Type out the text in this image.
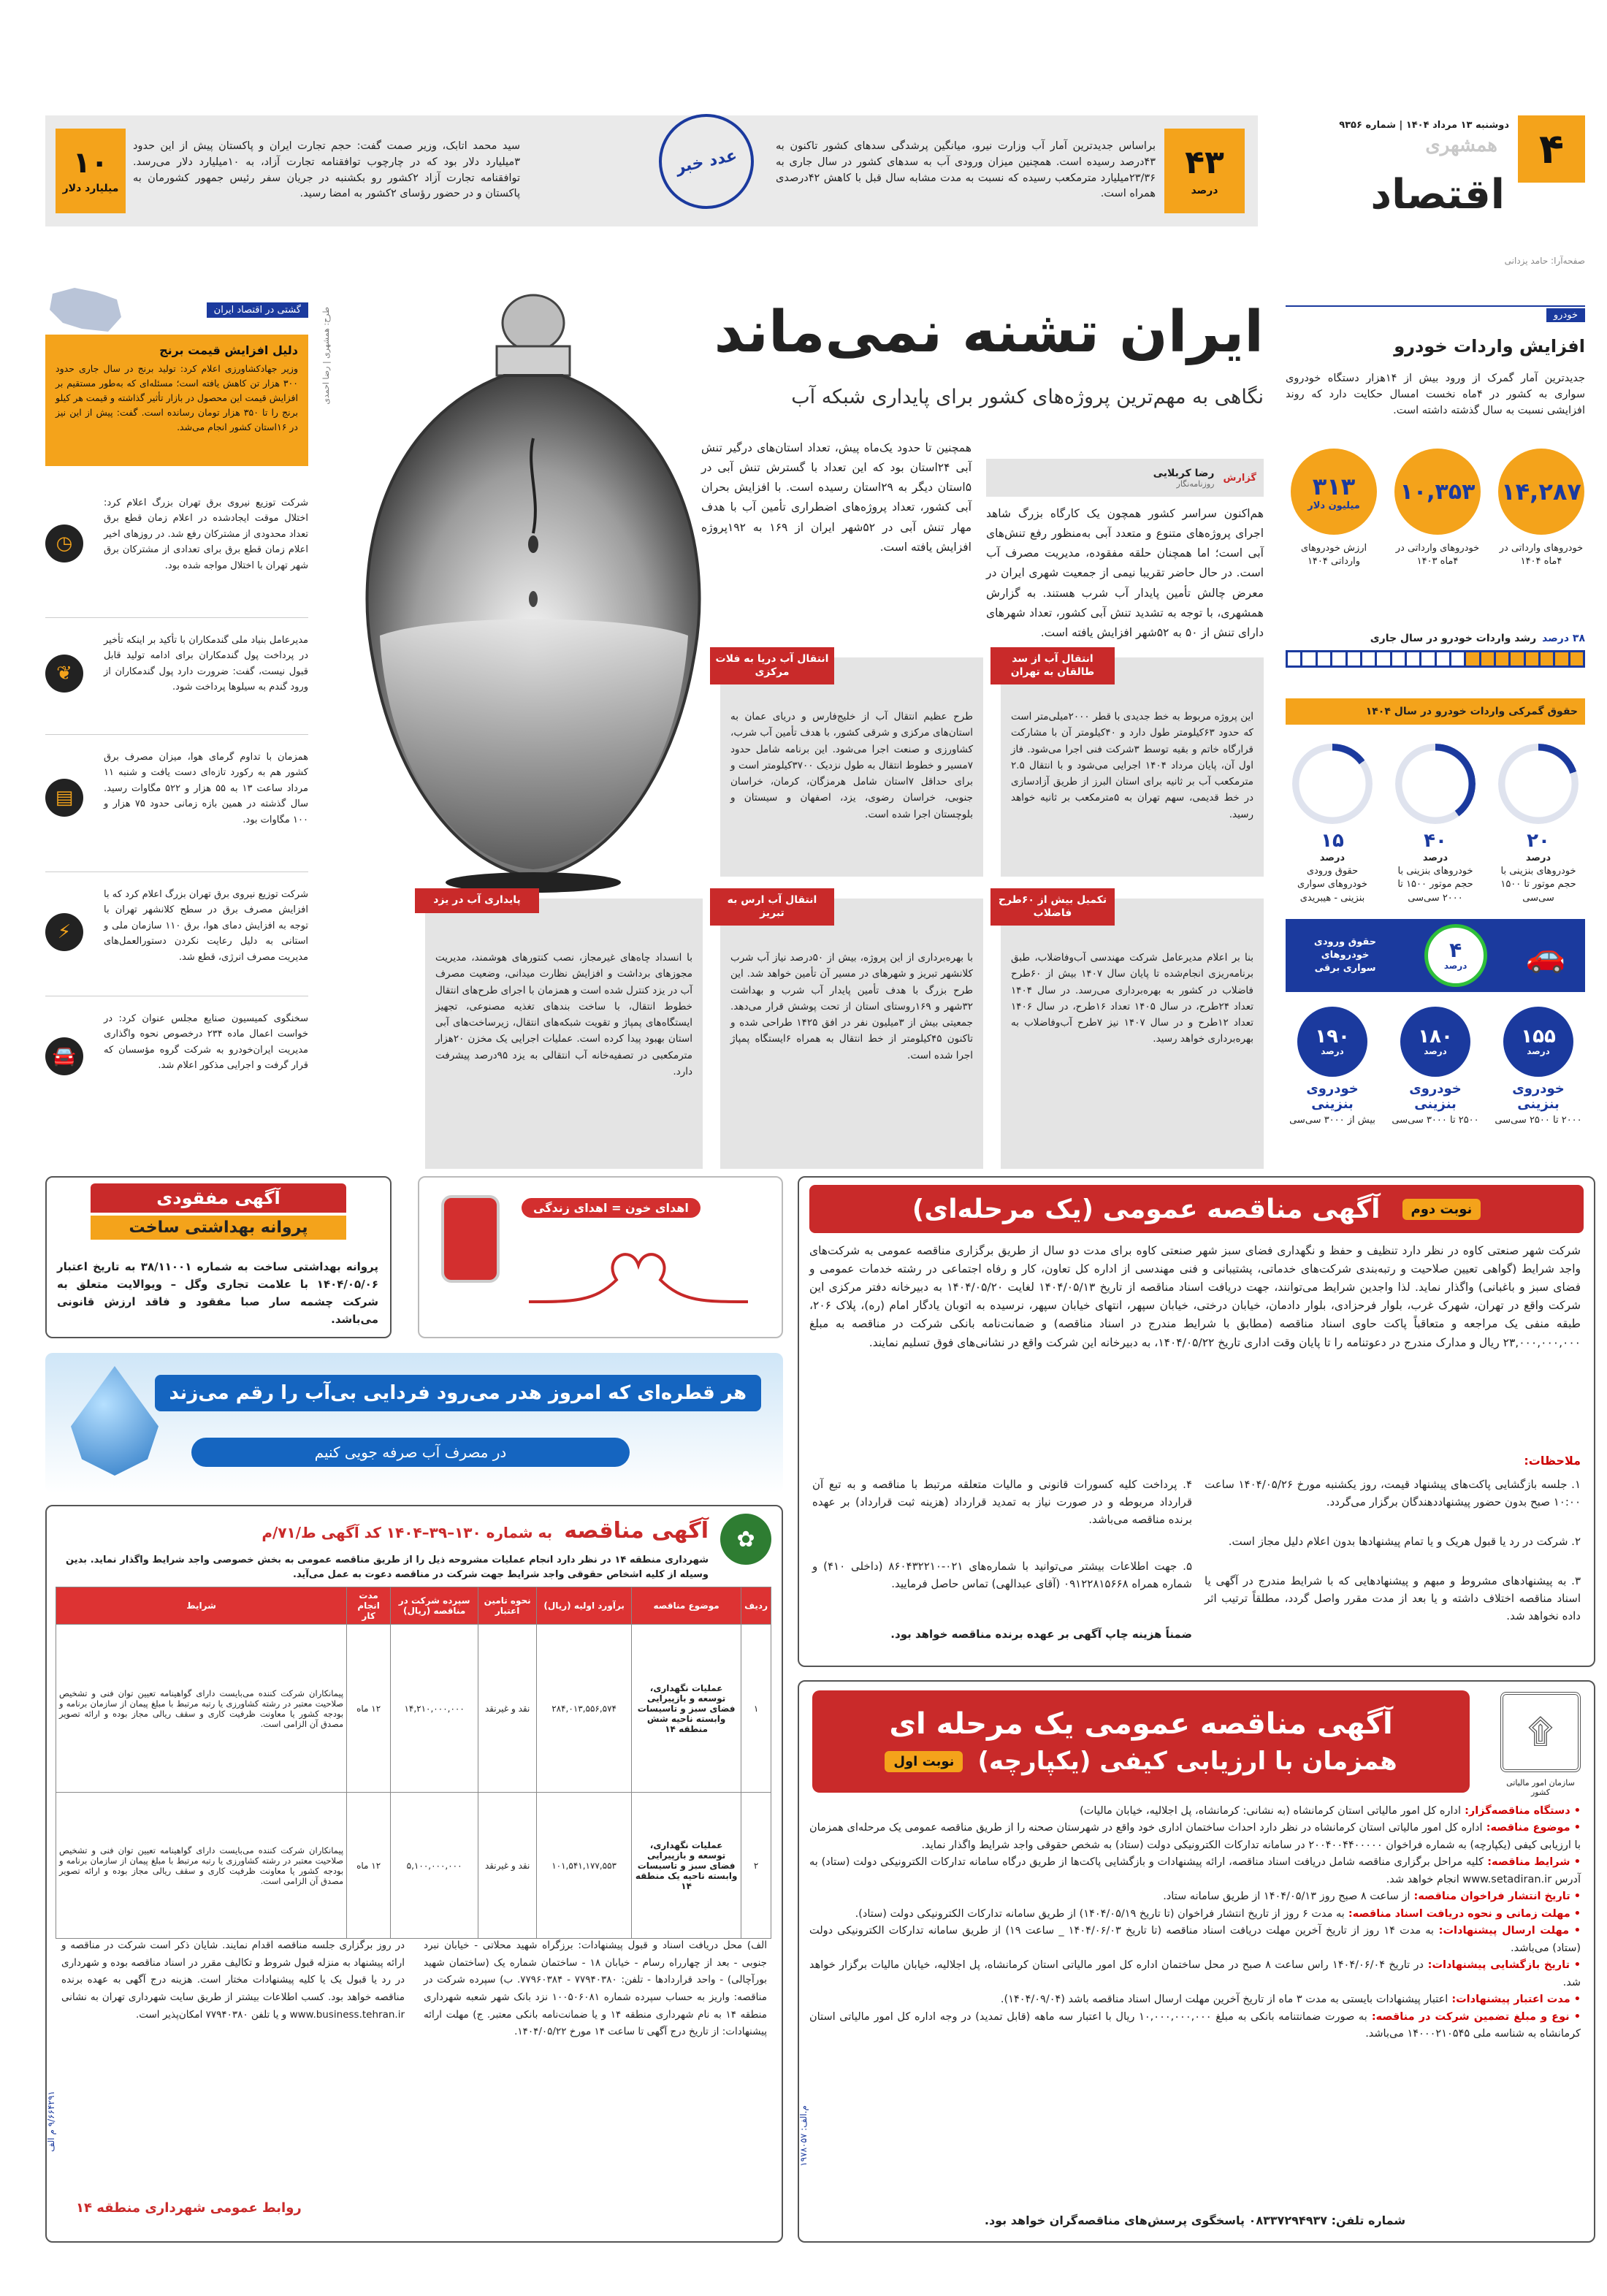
۴
دوشنبه ۱۳ مرداد ۱۴۰۴ | شماره ۹۳۵۶
همشهری
اقتصاد
صفحه‌آرا: حامد یزدانی
۱۰
میلیارد دلار
سید محمد اتابک، وزیر صمت گفت: حجم تجارت ایران و پاکستان پیش از این حدود ۳میلیارد دلار بود که در چارچوب توافقنامه تجارت آزاد، به ۱۰میلیارد دلار می‌رسد. توافقنامه تجارت آزاد ۲کشور رو بکشنبه در جریان سفر رئیس جمهور کشورمان به پاکستان و در حضور رؤسای ۲کشور به امضا رسید.
عدد خبر	براساس جدیدترین آمار آب وزارت نیرو، میانگین پرشدگی سدهای کشور تاکنون به ۴۳درصد رسیده است. همچنین میزان ورودی آب به سدهای کشور در سال جاری به ۲۳/۳۶میلیارد مترمکعب رسیده که نسبت به مدت مشابه سال قبل با کاهش ۴۲درصدی همراه است.
۴۳
درصد
خودرو
افزایش واردات خودرو
جدیدترین آمار گمرک از ورود بیش از ۱۴هزار دستگاه خودروی سواری به کشور در ۴ماه نخست امسال حکایت دارد که روند افزایشی نسبت به سال گذشته داشته است.
۱۴,۲۸۷
خودروهای وارداتی در ۴ماه ۱۴۰۴
۱۰,۳۵۳
خودروهای وارداتی در ۴ماه ۱۴۰۳
۳۱۳
میلیون دلار
ارزش خودروهای وارداتی ۱۴۰۴
۳۸ درصد
رشد واردات خودرو در سال جاری
حقوق گمرکی واردات خودرو در سال ۱۴۰۴
۲۰
درصد
خودروهای بنزینی با حجم موتور تا ۱۵۰۰ سی‌سی
۴۰
درصد
خودروهای بنزینی با حجم موتور ۱۵۰۰ تا ۲۰۰۰ سی‌سی
۱۵
درصد
حقوق ورودی خودروهای سواری بنزینی - هیبریدی
🚗
۴
درصد
حقوق ورودی خودروهای سواری برقی
۱۵۵
درصد
خودروی بنزینی
۲۰۰۰ تا ۲۵۰۰ سی‌سی
۱۸۰
درصد
خودروی بنزینی
۲۵۰۰ تا ۳۰۰۰ سی‌سی
۱۹۰
درصد
خودروی بنزینی
بیش از ۳۰۰۰ سی‌سی
ایران تشنه نمی‌ماند
نگاهی به مهم‌ترین پروژه‌های کشور برای پایداری شبکه آب
گزارش
رضا کربلایی
روزنامه‌نگار
هم‌اکنون سراسر کشور همچون یک کارگاه بزرگ شاهد اجرای پروژه‌های متنوع و متعدد آبی به‌منظور رفع تنش‌های آبی است؛ اما همچنان حلقه مفقوده، مدیریت مصرف آب است. در حال حاضر تقریبا نیمی از جمعیت شهری ایران در معرض چالش تأمین پایدار آب شرب هستند. به گزارش همشهری، با توجه به تشدید تنش آبی کشور، تعداد شهرهای دارای تنش از ۵۰ به ۵۲شهر افزایش یافته است.
همچنین تا حدود یک‌ماه پیش، تعداد استان‌های درگیر تنش آبی ۲۴استان بود که این تعداد با گسترش تنش آبی در ۵استان دیگر به ۲۹استان رسیده است. با افزایش بحران آبی کشور، تعداد پروژه‌های اضطراری تأمین آب با هدف مهار تنش آبی در ۵۲شهر ایران از ۱۶۹ به ۱۹۲پروژه افزایش یافته است.
طرح: همشهری | رضا احمدی
انتقال آب از سد طالقان به تهران
این پروژه مربوط به خط جدیدی با قطر ۲۰۰۰میلی‌متر است که حدود ۶۳کیلومتر طول دارد و ۴۰کیلومتر آن با مشارکت قرارگاه خاتم و بقیه توسط ۳شرکت فنی اجرا می‌شود. فاز اول آن، پایان مرداد ۱۴۰۴ اجرایی می‌شود و با انتقال ۲.۵ مترمکعب آب بر ثانیه برای استان البرز از طریق آزادسازی در خط قدیمی، سهم تهران به ۵مترمکعب بر ثانیه خواهد رسید.
انتقال آب دریا به فلات مرکزی
طرح عظیم انتقال آب از خلیج‌فارس و دریای عمان به استان‌های مرکزی و شرقی کشور، با هدف تأمین آب شرب، کشاورزی و صنعت اجرا می‌شود. این برنامه شامل حدود ۷مسیر و خطوط انتقال به طول نزدیک ۳۷۰۰کیلومتر است و برای حداقل ۷استان شامل هرمزگان، کرمان، خراسان جنوبی، خراسان رضوی، یزد، اصفهان و سیستان و بلوچستان اجرا شده است.
تکمیل بیش از ۶۰طرح فاضلاب
بنا بر اعلام مدیرعامل شرکت مهندسی آب‌وفاضلاب، طبق برنامه‌ریزی انجام‌شده تا پایان سال ۱۴۰۷ بیش از ۶۰طرح فاضلاب در کشور به بهره‌برداری می‌رسد. در سال ۱۴۰۴ تعداد ۲۴طرح، در سال ۱۴۰۵ تعداد ۱۶طرح، در سال ۱۴۰۶ تعداد ۱۲طرح و در سال ۱۴۰۷ نیز ۷طرح آب‌وفاضلاب به بهره‌برداری خواهد رسید.
انتقال آب ارس به تبریز
با بهره‌برداری از این پروژه، بیش از ۵۰درصد نیاز آب شرب کلانشهر تبریز و شهرهای در مسیر آن تأمین خواهد شد. این طرح بزرگ با هدف تأمین پایدار آب شرب و بهداشت ۳۲شهر و ۱۶۹روستای استان از تحت پوشش قرار می‌دهد. جمعیتی بیش از ۳میلیون نفر در افق ۱۴۲۵ طراحی شده و تاکنون ۴۵کیلومتر از خط انتقال به همراه ۶ایستگاه پمپاژ اجرا شده است.
پایداری آب در یزد
با انسداد چاه‌های غیرمجاز، نصب کنتورهای هوشمند، مدیریت مجوزهای برداشت و افزایش نظارت میدانی، وضعیت مصرف آب در یزد کنترل شده است و همزمان با اجرای طرح‌های انتقال خطوط انتقال، با ساخت بندهای تغذیه مصنوعی، تجهیز ایستگاه‌های پمپاژ و تقویت شبکه‌های انتقال، زیرساخت‌های آبی استان بهبود پیدا کرده است. عملیات اجرایی یک مخزن ۲۰هزار مترمکعبی در تصفیه‌خانه آب انتقالی به یزد ۹۵درصد پیشرفت دارد.
گشتی در اقتصاد ایران
دلیل افزایش قیمت برنج
وزیر جهادکشاورزی اعلام کرد: تولید برنج در سال جاری حدود ۳۰۰ هزار تن کاهش یافته است؛ مسئله‌ای که به‌طور مستقیم بر افزایش قیمت این محصول در بازار تأثیر گذاشته و قیمت هر کیلو برنج را تا ۳۵۰ هزار تومان رسانده است. گفت: پیش از این نیز در ۱۶استان کشور انجام می‌شد.
شرکت توزیع نیروی برق تهران بزرگ اعلام کرد: اختلال موقت ایجادشده در اعلام زمان قطع برق تعداد محدودی از مشترکان رفع شد. در روزهای اخیر اعلام زمان قطع برق برای تعدادی از مشترکان برق شهر تهران با اختلال مواجه شده بود.
◷
مدیرعامل بنیاد ملی گندمکاران با تأکید بر اینکه تأخیر در پرداخت پول گندمکاران برای ادامه تولید قابل قبول نیست، گفت: ضرورت دارد پول گندمکاران از ورود گندم به سیلوها پرداخت شود.
❦
همزمان با تداوم گرمای هوا، میزان مصرف برق کشور هم به رکورد تازه‌ای دست یافت و شنبه ۱۱ مرداد ساعت ۱۳ به ۵۵ هزار و ۵۲۲ مگاوات رسید. سال گذشته در همین بازه زمانی حدود ۷۵ هزار و ۱۰۰ مگاوات بود.
▤
شرکت توزیع نیروی برق تهران بزرگ اعلام کرد که با افزایش مصرف برق در سطح کلانشهر تهران با توجه به افزایش دمای هوا، برق ۱۱۰ سازمان ملی و استانی به دلیل رعایت نکردن دستورالعمل‌های مدیریت مصرف انرژی، قطع شد.
⚡
سخنگوی کمیسیون صنایع مجلس عنوان کرد: در خواست اعمال ماده ۲۳۴ درخصوص نحوه واگذاری مدیریت ایران‌خودرو به شرکت گروه مؤسسان که قرار گرفت و اجرایی مذکور اعلام شد.
🚘
نوبت دوم
آگهی مناقصه عمومی (یک مرحله‌ای)
شرکت شهر صنعتی کاوه در نظر دارد تنظیف و حفظ و نگهداری فضای سبز شهر صنعتی کاوه برای مدت دو سال از طریق برگزاری مناقصه عمومی به شرکت‌های واجد شرایط (گواهی تعیین صلاحیت و رتبه‌بندی شرکت‌های خدماتی، پشتیبانی و فنی مهندسی از اداره کل تعاون، کار و رفاه اجتماعی در رشته خدمات عمومی و فضای سبز و باغبانی) واگذار نماید. لذا واجدین شرایط می‌توانند، جهت دریافت اسناد مناقصه از تاریخ ۱۴۰۴/۰۵/۱۳ لغایت ۱۴۰۴/۰۵/۲۰ به دبیرخانه دفتر مرکزی این شرکت واقع در تهران، شهرک غرب، بلوار فرحزادی، بلوار دادمان، خیابان درختی، خیابان سپهر، انتهای خیابان سپهر، نرسیده به اتوبان یادگار امام (ره)، پلاک ۲۰۶، طبقه منفی یک مراجعه و متعاقباً پاکت حاوی اسناد مناقصه (مطابق با شرایط مندرج در اسناد مناقصه) و ضمانت‌نامه بانکی شرکت در مناقصه به مبلغ ۲۳,۰۰۰,۰۰۰,۰۰۰ ریال و مدارک مندرج در دعوتنامه را تا پایان وقت اداری تاریخ ۱۴۰۴/۰۵/۲۲، به دبیرخانه این شرکت واقع در نشانی‌های فوق تسلیم نمایند.
ملاحظات:
۱. جلسه بازگشایی پاکت‌های پیشنهاد قیمت، روز یکشنبه مورخ ۱۴۰۴/۰۵/۲۶ ساعت ۱۰:۰۰ صبح بدون حضور پیشنهاددهندگان برگزار می‌گردد.
۲. شرکت در رد یا قبول هریک و یا تمام پیشنهادها بدون اعلام دلیل مجاز است.
۳. به پیشنهادهای مشروط و مبهم و پیشنهادهایی که با شرایط مندرج در آگهی یا اسناد مناقصه اختلاف داشته و یا بعد از مدت مقرر واصل گردد، مطلقاً ترتیب اثر داده نخواهد شد.
۴. پرداخت کلیه کسورات قانونی و مالیات متعلقه مرتبط با مناقصه و به تبع آن قرارداد مربوطه و در صورت نیاز به تمدید قرارداد (هزینه ثبت قرارداد) بر عهده برنده مناقصه می‌باشد.
۵. جهت اطلاعات بیشتر می‌توانید با شماره‌های ۰۲۱-۸۶۰۴۳۲۲۱۰ (داخلی ۴۱۰) و شماره همراه ۰۹۱۲۲۸۱۵۶۶۸ (آقای عبدالهی) تماس حاصل فرمایید.
ضمناً هزینه چاپ آگهی بر عهده برنده مناقصه خواهد بود.
آگهی مفقودی
پروانه بهداشتی ساخت
پروانه بهداشتی ساخت به شماره ۳۸/۱۱۰۰۱ به تاریخ اعتبار ۱۴۰۴/۰۵/۰۶ با علامت تجاری وگل – ویوالایت متعلق به شرکت چشمه سار صبا مفقود و فاقد ارزش قانونی می‌باشد.
اهدای خون = اهدای زندگی
هر قطره‌ای که امروز هدر می‌رود فردایی بی‌آب را رقم می‌زند
در مصرف آب صرفه جویی کنیم
✿
آگهی مناقصه
به شماره ۱۳۰–۳۹–۱۴۰۴ کد آگهی ط/۷۱/م
شهرداری منطقه ۱۴ در نظر دارد انجام عملیات مشروحه ذیل را از طریق مناقصه عمومی به بخش خصوصی واجد شرایط واگذار نماید. بدین وسیله از کلیه اشخاص حقوقی واجد شرایط جهت شرکت در مناقصه دعوت به عمل می‌آید.
ردیف	موضوع مناقصه	برآورد اولیه (ریال)	نحوه تامین اعتبار	سپرده شرکت در مناقصه (ریال)	مدت انجام کار	شرایط
۱	عملیات نگهداری، توسعه و بازپیرایی فضای سبز و تاسیسات وابسته ناحیه شش منطقه ۱۴	۲۸۴,۰۱۳,۵۵۶,۵۷۴	نقد و غیرنقد	۱۴,۲۱۰,۰۰۰,۰۰۰	۱۲ ماه	پیمانکاران شرکت کننده می‌بایست دارای گواهینامه تعیین توان فنی و تشخیص صلاحیت معتبر در رشته کشاورزی یا رتبه مرتبط با مبلغ پیمان از سازمان برنامه و بودجه کشور یا معاونت ظرفیت کاری و سقف ریالی مجاز بوده و ارائه تصویر مصدق آن الزامی است.
۲	عملیات نگهداری، توسعه و بازپیرایی فضای سبز و تاسیسات وابسته ناحیه یک منطقه ۱۴	۱۰۱,۵۴۱,۱۷۷,۵۵۳	نقد و غیرنقد	۵,۱۰۰,۰۰۰,۰۰۰	۱۲ ماه	پیمانکاران شرکت کننده می‌بایست دارای گواهینامه تعیین توان فنی و تشخیص صلاحیت معتبر در رشته کشاورزی یا رتبه مرتبط با مبلغ پیمان از سازمان برنامه و بودجه کشور یا معاونت ظرفیت کاری و سقف ریالی مجاز بوده و ارائه تصویر مصدق آن الزامی است.
الف) محل دریافت اسناد و قبول پیشنهادات: برزگراه شهید محلاتی - خیابان نبرد جنوبی - بعد از چهارراه رسام - خیابان ۱۸ - ساختمان شماره یک (ساختمان شهید بورآچالی) - واحد قراردادها - تلفن: ۷۷۹۴۰۳۸۰ - ۷۷۹۶۰۳۸۴. ب) سپرده شرکت در مناقصه: واریز به حساب سپرده شماره ۱۰۰۵۰۶۰۸۱ نزد بانک شهر شعبه شهرداری منطقه ۱۴ به نام شهرداری منطقه ۱۴ و یا ضمانت‌نامه بانکی معتبر. ج) مهلت ارائه پیشنهادات: از تاریخ درج آگهی تا ساعت ۱۴ مورخ ۱۴۰۴/۰۵/۲۲.
در روز برگزاری جلسه مناقصه اقدام نمایند. شایان ذکر است شرکت در مناقصه و ارائه پیشنهاد به منزله قبول شروط و تکالیف مقرر در اسناد مناقصه بوده و شهرداری در رد یا قبول یک یا کلیه پیشنهادات مختار است. هزینه درج آگهی به عهده برنده مناقصه خواهد بود. کسب اطلاعات بیشتر از طریق سایت شهرداری تهران به نشانی www.business.tehran.ir و یا تلفن ۷۷۹۴۰۳۸۰ امکان‌پذیر است.
روابط عمومی شهرداری منطقه ۱۴
۹/۶۶۴۲۹۱ م الف
۩
سازمان امور مالیاتی کشور
آگهی مناقصه عمومی یک مرحله ای
همزمان با ارزیابی کیفی (یکپارچه)
نوبت اول
• دستگاه مناقصه‌گزار: اداره کل امور مالیاتی استان کرمانشاه (به نشانی: کرمانشاه، پل اجلالیه، خیابان مالیات)
• موضوع مناقصه: اداره کل امور مالیاتی استان کرمانشاه در نظر دارد احداث ساختمان اداری خود واقع در شهرستان صحنه را از طریق مناقصه عمومی یک مرحله‌ای همزمان با ارزیابی کیفی (یکپارچه) به شماره فراخوان ۲۰۰۴۰۰۴۴۰۰۰۰۰ در سامانه تدارکات الکترونیکی دولت (ستاد) به شخص حقوقی واجد شرایط واگذار نماید.
• شرایط مناقصه: کلیه مراحل برگزاری مناقصه شامل دریافت اسناد مناقصه، ارائه پیشنهادات و بازگشایی پاکت‌ها از طریق درگاه سامانه تدارکات الکترونیکی دولت (ستاد) به آدرس www.setadiran.ir انجام خواهد شد.
• تاریخ انتشار فراخوان مناقصه: از ساعت ۸ صبح روز ۱۴۰۴/۰۵/۱۳ از طریق سامانه ستاد.
• مهلت زمانی و نحوه دریافت اسناد مناقصه: به مدت ۶ روز از تاریخ انتشار فراخوان (تا تاریخ ۱۴۰۴/۰۵/۱۹) از طریق سامانه تدارکات الکترونیکی دولت (ستاد).
• مهلت ارسال پیشنهادات: به مدت ۱۴ روز از تاریخ آخرین مهلت دریافت اسناد مناقصه (تا تاریخ ۱۴۰۴/۰۶/۰۳ _ ساعت ۱۹) از طریق سامانه تدارکات الکترونیکی دولت (ستاد) می‌باشد.
• تاریخ بازگشایی پیشنهادات: در تاریخ ۱۴۰۴/۰۶/۰۴ راس ساعت ۸ صبح در محل ساختمان اداره کل امور مالیاتی استان کرمانشاه، پل اجلالیه، خیابان مالیات برگزار خواهد شد.
• مدت اعتبار پیشنهادات: اعتبار پیشنهادات بایستی به مدت ۳ ماه از تاریخ آخرین مهلت ارسال اسناد مناقصه باشد (۱۴۰۴/۰۹/۰۴).
• نوع و مبلغ تضمین شرکت در مناقصه: به صورت ضمانتنامه بانکی به مبلغ ۱۰,۰۰۰,۰۰۰,۰۰۰ ریال با اعتبار سه ماهه (قابل تمدید) در وجه اداره کل امور مالیاتی استان کرمانشاه به شناسه ملی ۱۴۰۰۰۲۱۰۵۴۵ می‌باشد.
شماره تلفن: ۰۸۳۳۷۲۹۴۹۳۷ پاسخگوی پرسش‌های مناقصه‌گران خواهد بود.
م.الف: ۱۹۷۸۰۵۷
